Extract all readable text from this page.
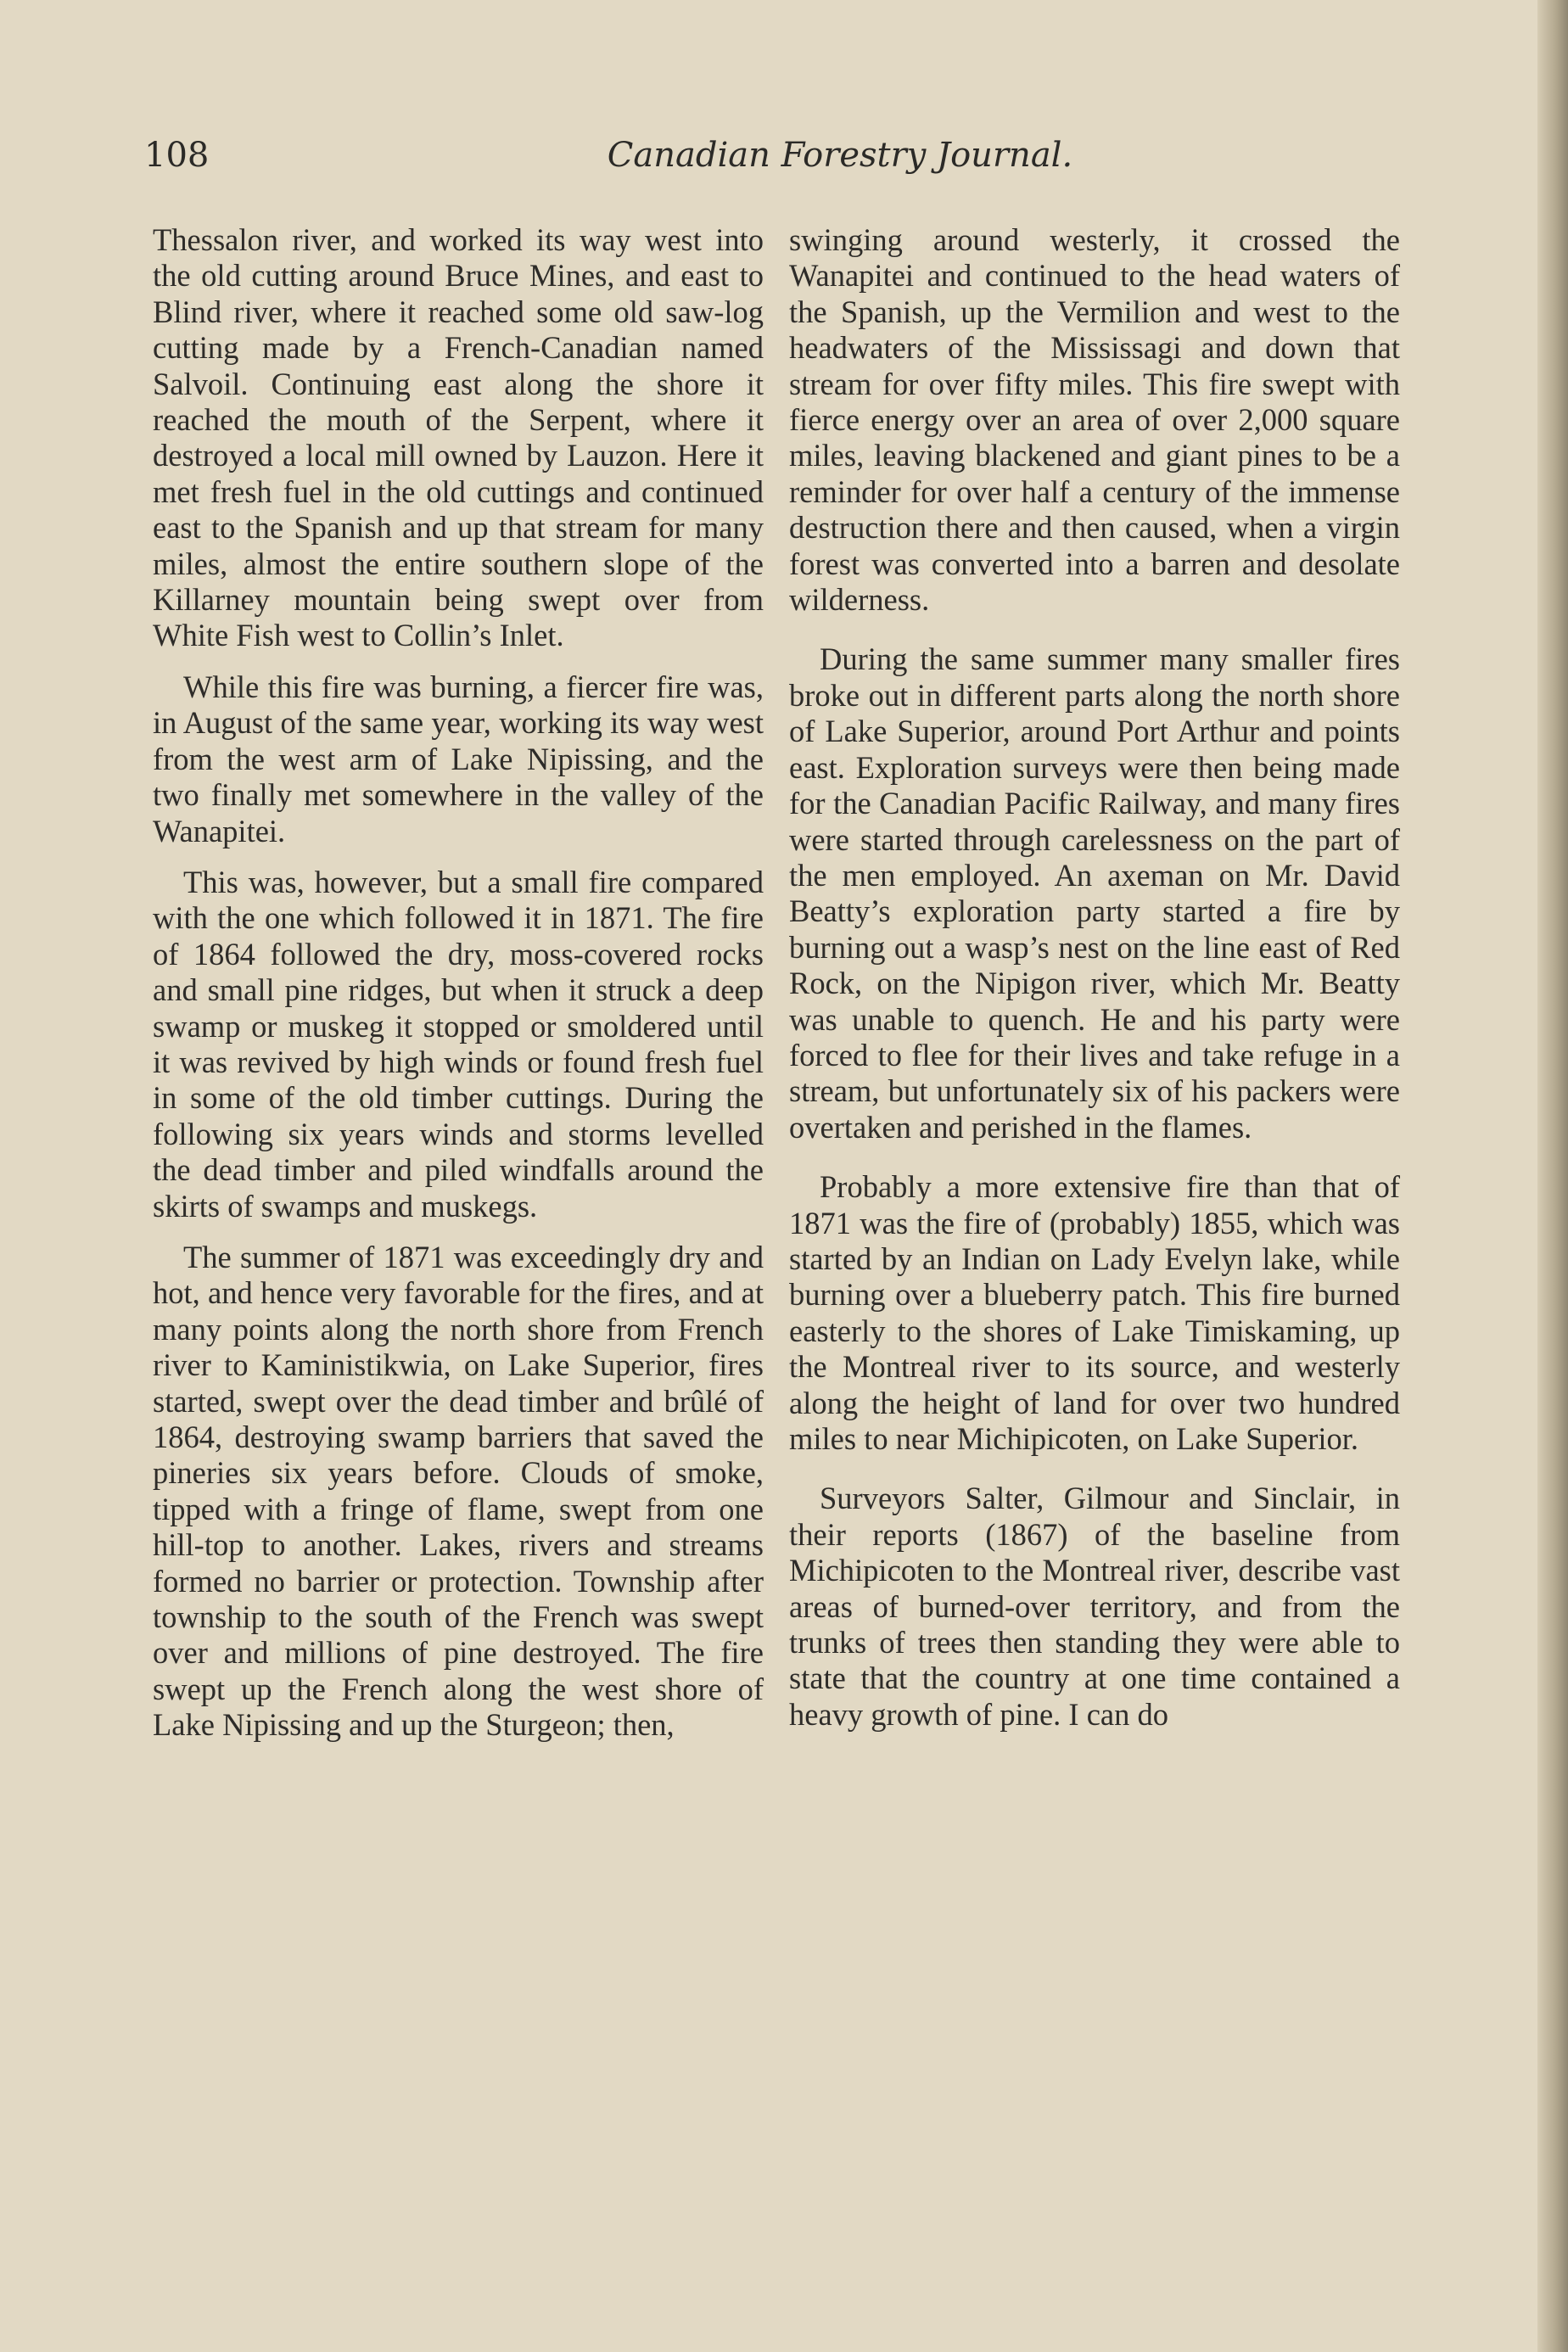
108	Canadian Forestry Journal.

Thessalon river, and worked its way west into the old cutting around Bruce Mines, and east to Blind river, where it reached some old saw-log cutting made by a French-Canadian named Salvoil. Continuing east along the shore it reached the mouth of the Serpent, where it destroyed a local mill owned by Lauzon. Here it met fresh fuel in the old cuttings and continued east to the Spanish and up that stream for many miles, almost the entire southern slope of the Killarney mountain being swept over from White Fish west to Collin’s Inlet.

While this fire was burning, a fiercer fire was, in August of the same year, working its way west from the west arm of Lake Nipissing, and the two finally met somewhere in the valley of the Wanapitei.

This was, however, but a small fire compared with the one which followed it in 1871. The fire of 1864 followed the dry, moss-covered rocks and small pine ridges, but when it struck a deep swamp or muskeg it stopped or smoldered until it was revived by high winds or found fresh fuel in some of the old timber cuttings. During the following six years winds and storms levelled the dead timber and piled windfalls around the skirts of swamps and muskegs.

The summer of 1871 was exceedingly dry and hot, and hence very favorable for the fires, and at many points along the north shore from French river to Kaministikwia, on Lake Superior, fires started, swept over the dead timber and brûlé of 1864, destroying swamp barriers that saved the pineries six years before. Clouds of smoke, tipped with a fringe of flame, swept from one hill-top to another. Lakes, rivers and streams formed no barrier or protection. Township after township to the south of the French was swept over and millions of pine destroyed. The fire swept up the French along the west shore of Lake Nipissing and up the Sturgeon; then,

swinging around westerly, it crossed the Wanapitei and continued to the head waters of the Spanish, up the Vermilion and west to the headwaters of the Mississagi and down that stream for over fifty miles. This fire swept with fierce energy over an area of over 2,000 square miles, leaving blackened and giant pines to be a reminder for over half a century of the immense destruction there and then caused, when a virgin forest was converted into a barren and desolate wilderness.

During the same summer many smaller fires broke out in different parts along the north shore of Lake Superior, around Port Arthur and points east. Exploration surveys were then being made for the Canadian Pacific Railway, and many fires were started through carelessness on the part of the men employed. An axeman on Mr. David Beatty’s exploration party started a fire by burning out a wasp’s nest on the line east of Red Rock, on the Nipigon river, which Mr. Beatty was unable to quench. He and his party were forced to flee for their lives and take refuge in a stream, but unfortunately six of his packers were overtaken and perished in the flames.

Probably a more extensive fire than that of 1871 was the fire of (probably) 1855, which was started by an Indian on Lady Evelyn lake, while burning over a blueberry patch. This fire burned easterly to the shores of Lake Timiskaming, up the Montreal river to its source, and westerly along the height of land for over two hundred miles to near Michipicoten, on Lake Superior.

Surveyors Salter, Gilmour and Sinclair, in their reports (1867) of the baseline from Michipicoten to the Montreal river, describe vast areas of burned-over territory, and from the trunks of trees then standing they were able to state that the country at one time contained a heavy growth of pine. I can do
